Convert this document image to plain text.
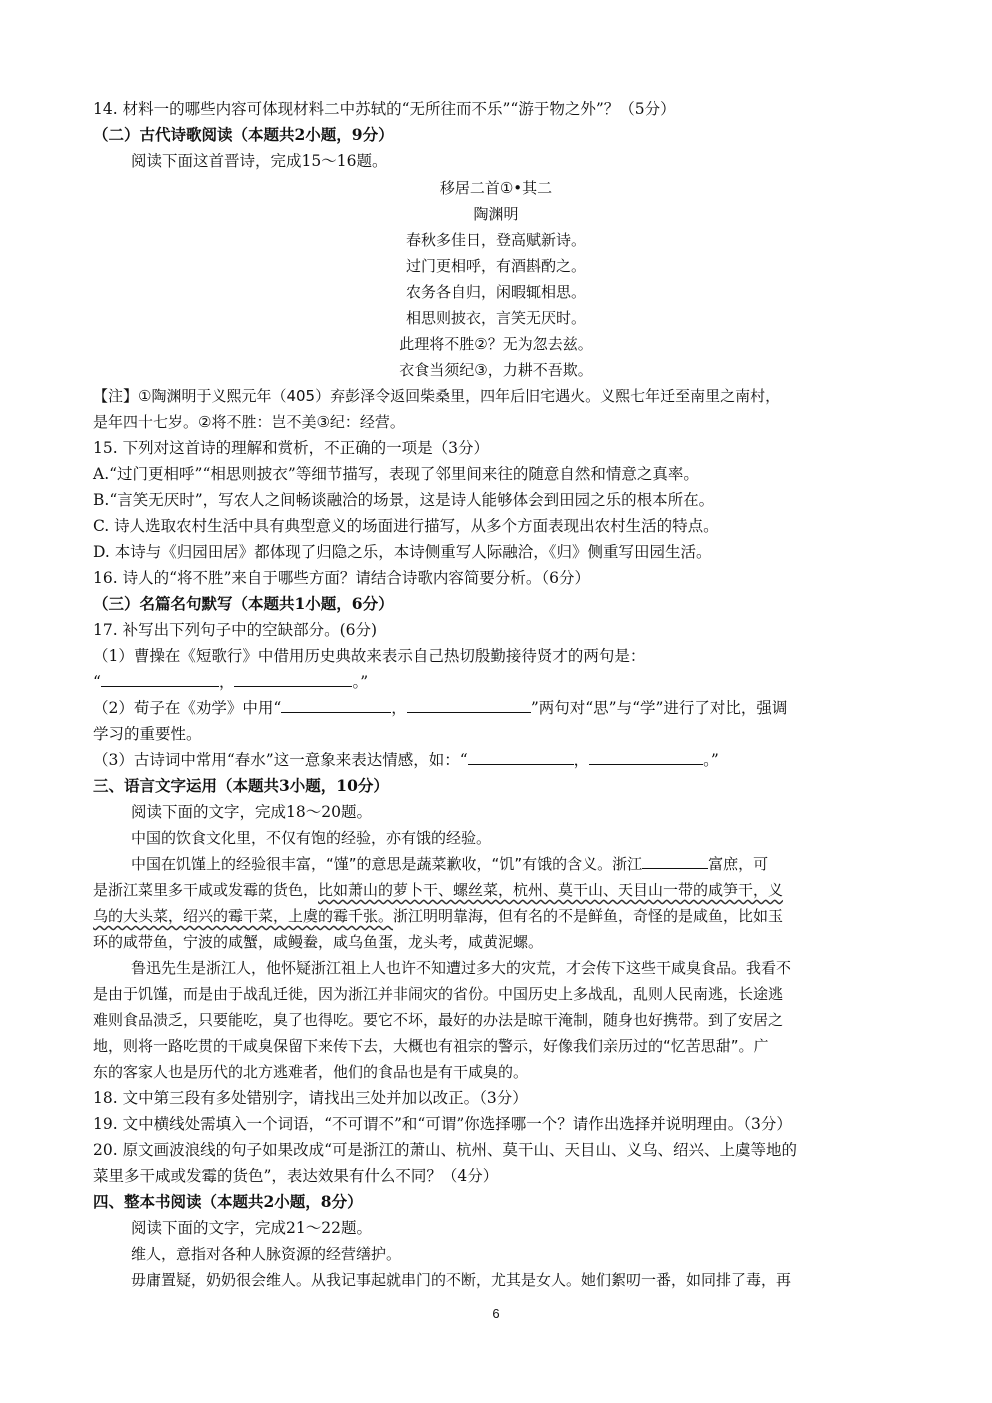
14. 材料一的哪些内容可体现材料二中苏轼的“无所往而不乐”“游于物之外”？（5分）
（二）古代诗歌阅读（本题共2小题，9分）
阅读下面这首晋诗，完成15～16题。
移居二首①•其二
陶渊明
春秋多佳日，登高赋新诗。
过门更相呼，有酒斟酌之。
农务各自归，闲暇辄相思。
相思则披衣，言笑无厌时。
此理将不胜②？无为忽去兹。
衣食当须纪③，力耕不吾欺。
【注】①陶渊明于义熙元年（405）弃彭泽令返回柴桑里，四年后旧宅遇火。义熙七年迁至南里之南村，
是年四十七岁。②将不胜：岂不美③纪：经营。
15. 下列对这首诗的理解和赏析，不正确的一项是（3分）
A.“过门更相呼”“相思则披衣”等细节描写，表现了邻里间来往的随意自然和情意之真率。
B.“言笑无厌时”，写农人之间畅谈融洽的场景，这是诗人能够体会到田园之乐的根本所在。
C. 诗人选取农村生活中具有典型意义的场面进行描写，从多个方面表现出农村生活的特点。
D. 本诗与《归园田居》都体现了归隐之乐，本诗侧重写人际融洽，《归》侧重写田园生活。
16. 诗人的“将不胜”来自于哪些方面？请结合诗歌内容简要分析。（6分）
（三）名篇名句默写（本题共1小题，6分）
17. 补写出下列句子中的空缺部分。(6分)
（1）曹操在《短歌行》中借用历史典故来表示自己热切殷勤接待贤才的两句是：
“	，	。”
（2）荀子在《劝学》中用“	，	”两句对“思”与“学”进行了对比，强调
学习的重要性。
（3）古诗词中常用“春水”这一意象来表达情感，如：“	，	。”
三、语言文字运用（本题共3小题，10分）
阅读下面的文字，完成18～20题。
中国的饮食文化里，不仅有饱的经验，亦有饿的经验。
中国在饥馑上的经验很丰富，“馑”的意思是蔬菜歉收，“饥”有饿的含义。浙江	富庶，可
是浙江菜里多干咸或发霉的货色，比如萧山的萝卜干、螺丝菜，杭州、莫干山、天目山一带的咸笋干，义
乌的大头菜，绍兴的霉干菜，上虞的霉千张。浙江明明靠海，但有名的不是鲜鱼，奇怪的是咸鱼，比如玉
环的咸带鱼，宁波的咸蟹，咸鳗鲞，咸乌鱼蛋，龙头考，咸黄泥螺。
鲁迅先生是浙江人，他怀疑浙江祖上人也许不知遭过多大的灾荒，才会传下这些干咸臭食品。我看不
是由于饥馑，而是由于战乱迁徙，因为浙江并非闹灾的省份。中国历史上多战乱，乱则人民南逃，长途逃
难则食品溃乏，只要能吃，臭了也得吃。要它不坏，最好的办法是晾干淹制，随身也好携带。到了安居之
地，则将一路吃贯的干咸臭保留下来传下去，大概也有祖宗的警示，好像我们亲历过的“忆苦思甜”。广
东的客家人也是历代的北方逃难者，他们的食品也是有干咸臭的。
18. 文中第三段有多处错别字，请找出三处并加以改正。（3分）
19. 文中横线处需填入一个词语，“不可谓不”和“可谓”你选择哪一个？请作出选择并说明理由。（3分）
20. 原文画波浪线的句子如果改成“可是浙江的萧山、杭州、莫干山、天目山、义乌、绍兴、上虞等地的
菜里多干咸或发霉的货色”，表达效果有什么不同？（4分）
四、整本书阅读（本题共2小题，8分）
阅读下面的文字，完成21～22题。
维人，意指对各种人脉资源的经营缮护。
毋庸置疑，奶奶很会维人。从我记事起就串门的不断，尤其是女人。她们絮叨一番，如同排了毒，再
6
